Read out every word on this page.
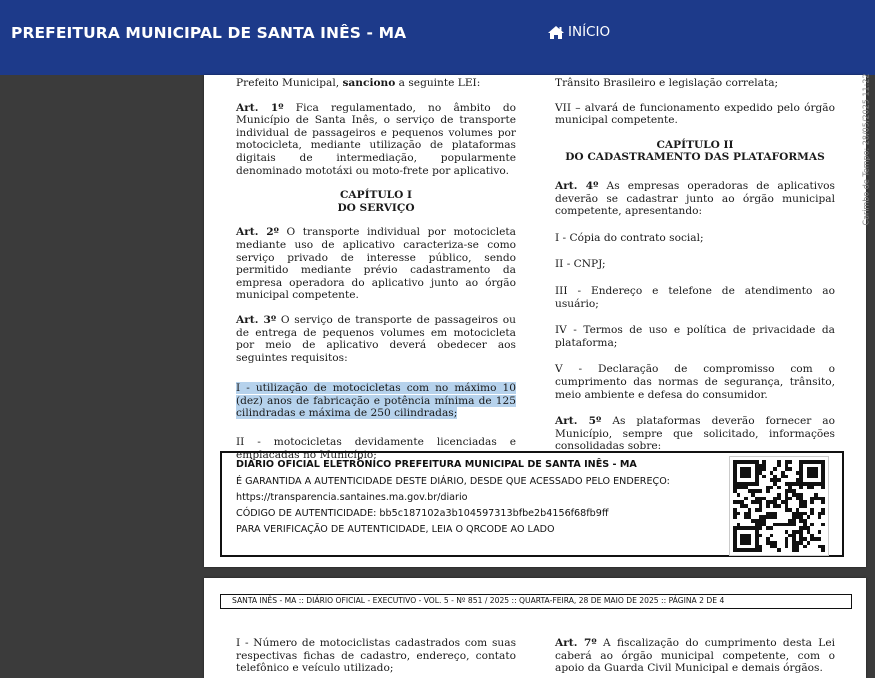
PREFEITURA MUNICIPAL DE SANTA INÊS - MA	INÍCIO

Prefeito Municipal, sanciono a seguinte LEI:

Art. 1º Fica regulamentado, no âmbito do Município de Santa Inês, o serviço de transporte individual de passageiros e pequenos volumes por motocicleta, mediante utilização de plataformas digitais de intermediação, popularmente denominado mototáxi ou moto-frete por aplicativo.

CAPÍTULO I

DO SERVIÇO

Art. 2º O transporte individual por motocicleta mediante uso de aplicativo caracteriza-se como serviço privado de interesse público, sendo permitido mediante prévio cadastramento da empresa operadora do aplicativo junto ao órgão municipal competente.

Art. 3º O serviço de transporte de passageiros ou de entrega de pequenos volumes em motocicleta por meio de aplicativo deverá obedecer aos seguintes requisitos:

I - utilização de motocicletas com no máximo 10 (dez) anos de fabricação e potência mínima de 125 cilindradas e máxima de 250 cilindradas;

II - motocicletas devidamente licenciadas e emplacadas no Município;

Trânsito Brasileiro e legislação correlata;

VII – alvará de funcionamento expedido pelo órgão municipal competente.

CAPÍTULO II

DO CADASTRAMENTO DAS PLATAFORMAS

Art. 4º As empresas operadoras de aplicativos deverão se cadastrar junto ao órgão municipal competente, apresentando:

I - Cópia do contrato social;

II - CNPJ;

III - Endereço e telefone de atendimento ao usuário;

IV - Termos de uso e política de privacidade da plataforma;

V - Declaração de compromisso com o cumprimento das normas de segurança, trânsito, meio ambiente e defesa do consumidor.

Art. 5º As plataformas deverão fornecer ao Município, sempre que solicitado, informações consolidadas sobre:

Carimbo de Tempo: 28/05/2025 11:22
DIÁRIO OFICIAL ELETRÔNICO PREFEITURA MUNICIPAL DE SANTA INÊS - MA
É GARANTIDA A AUTENTICIDADE DESTE DIÁRIO, DESDE QUE ACESSADO PELO ENDEREÇO:
https://transparencia.santaines.ma.gov.br/diario
CÓDIGO DE AUTENTICIDADE: bb5c187102a3b104597313bfbe2b4156f68fb9ff
PARA VERIFICAÇÃO DE AUTENTICIDADE, LEIA O QRCODE AO LADO
SANTA INÊS - MA :: DIÁRIO OFICIAL - EXECUTIVO - VOL. 5 - Nº 851 / 2025 :: QUARTA-FEIRA, 28 DE MAIO DE 2025 :: PÁGINA 2 DE 4

I - Número de motociclistas cadastrados com suas respectivas fichas de cadastro, endereço, contato telefônico e veículo utilizado;

Art. 7º A fiscalização do cumprimento desta Lei caberá ao órgão municipal competente, com o apoio da Guarda Civil Municipal e demais órgãos.
